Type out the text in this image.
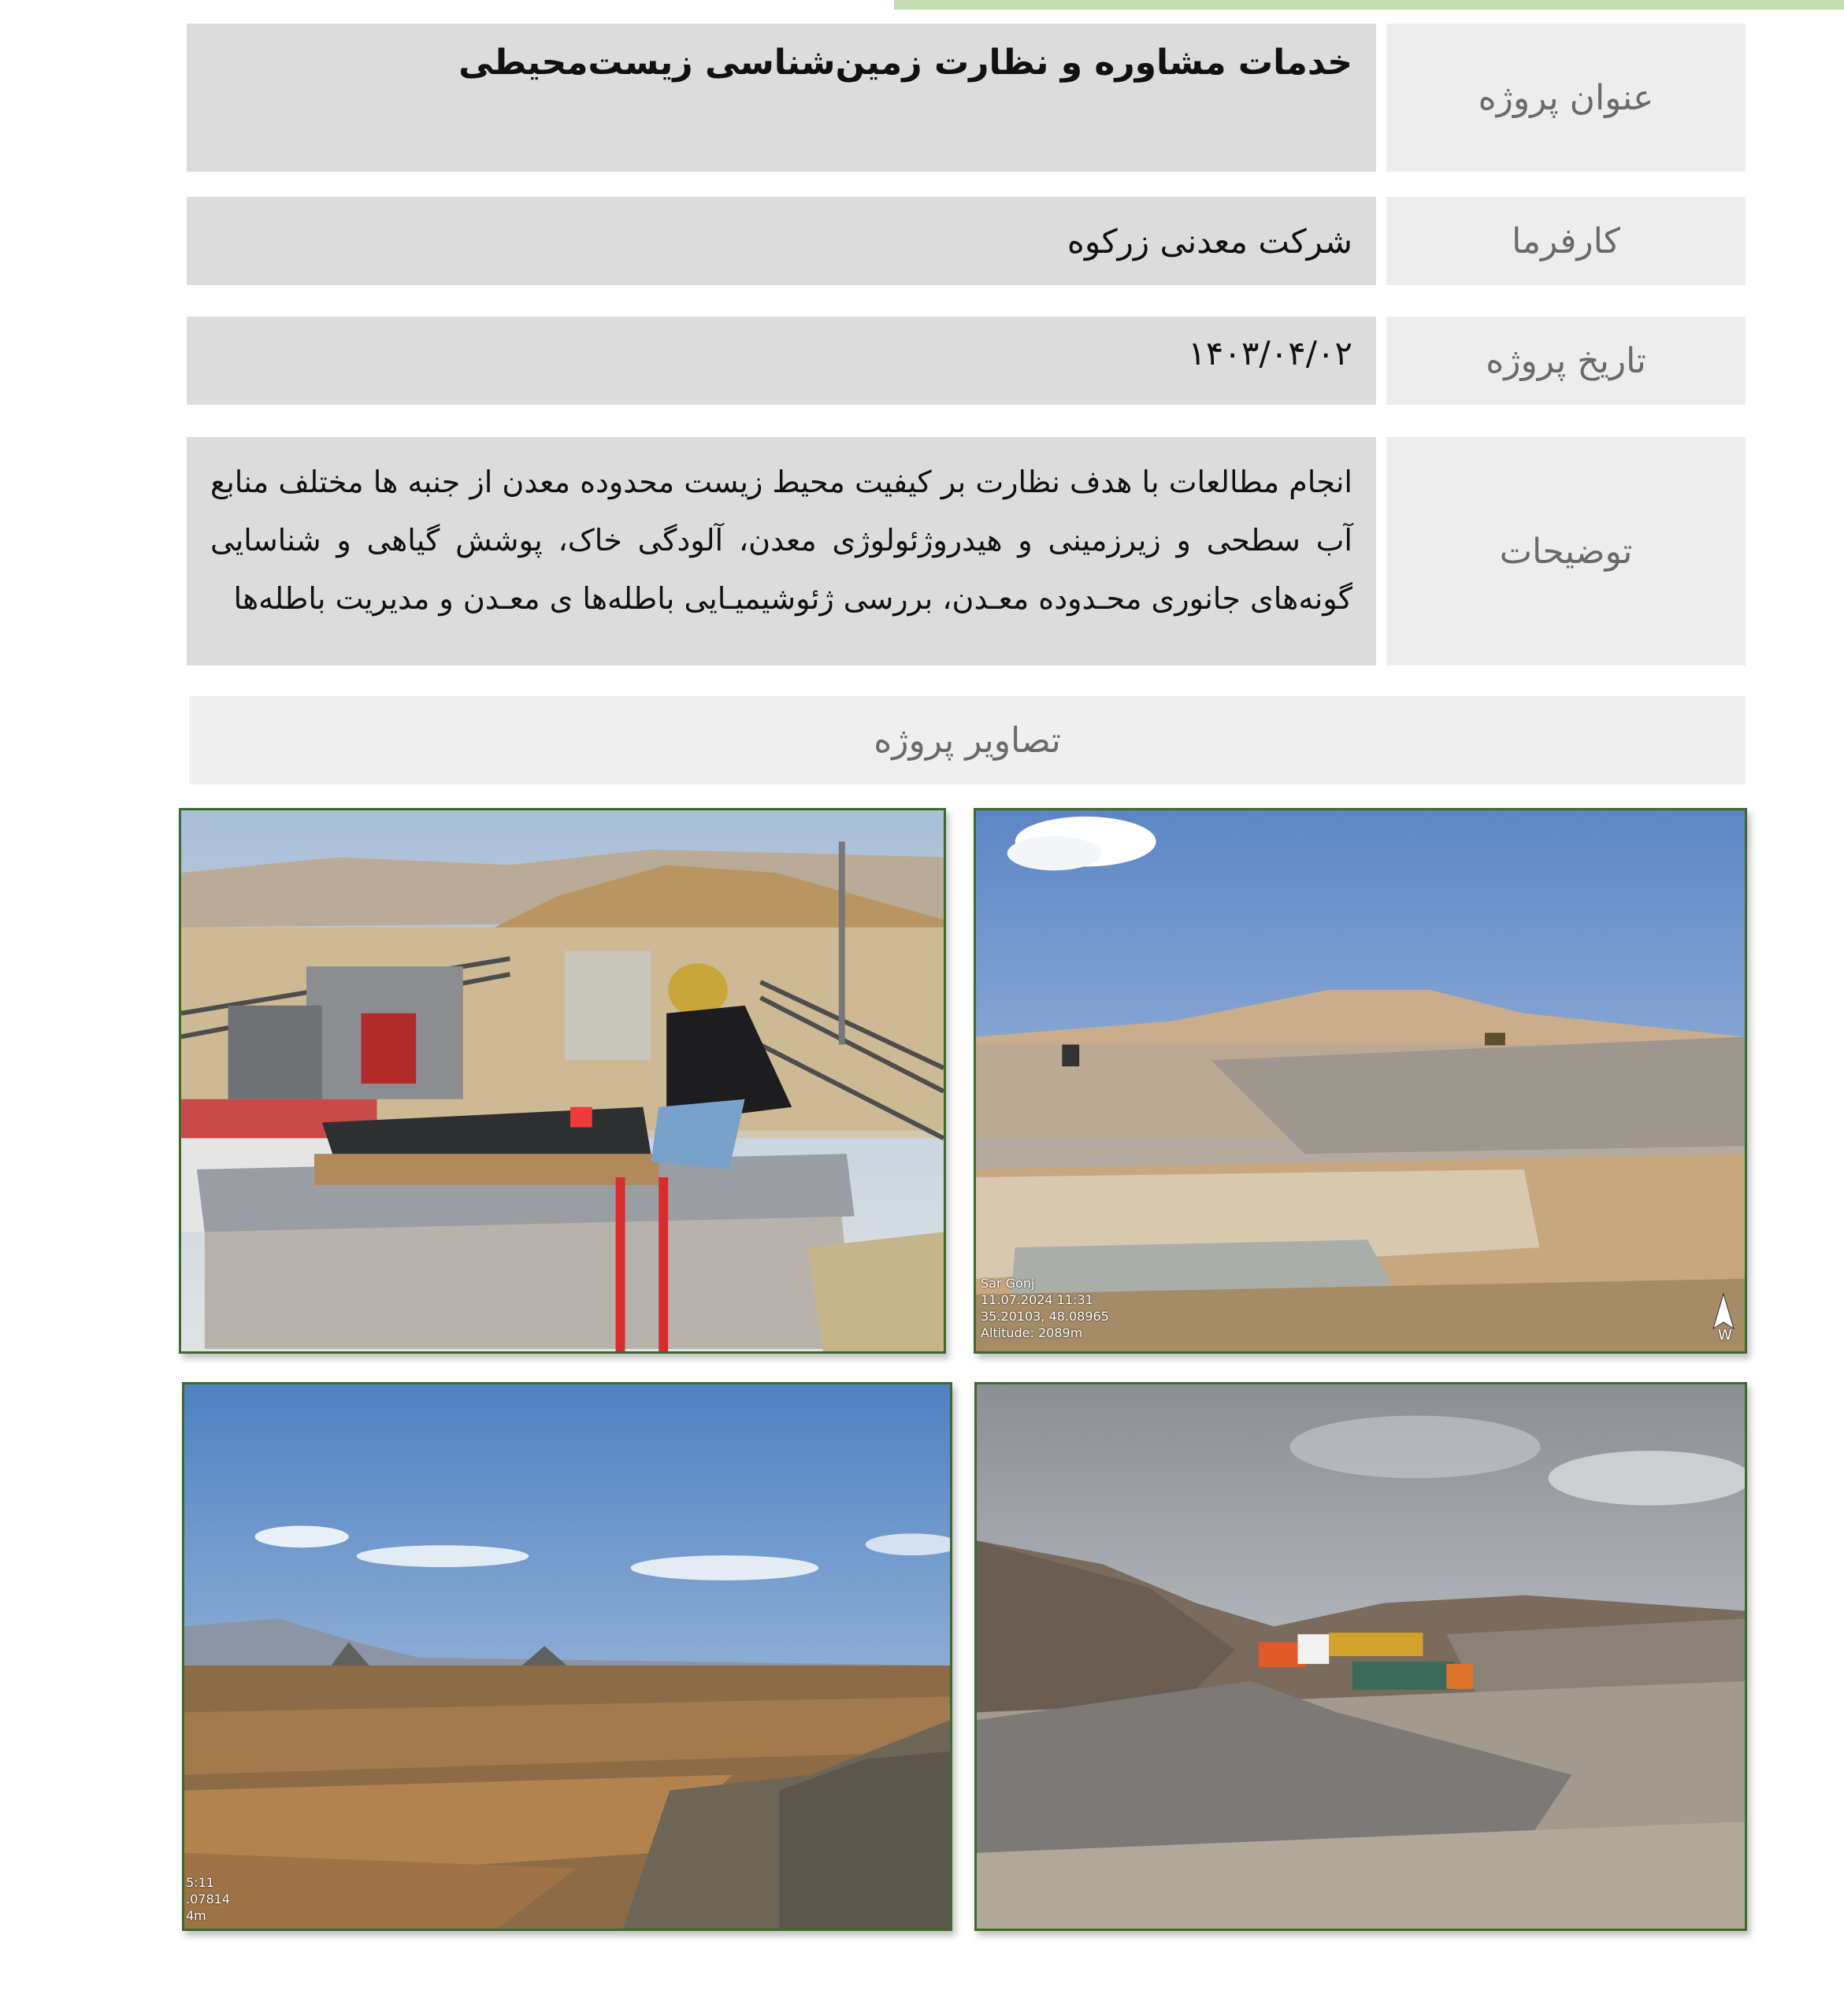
عنوان پروژه
خدمات مشاوره و نظارت زمین‌شناسی زیست‌محیطی
کارفرما
شرکت معدنی زرکوه
تاریخ پروژه
۱۴۰۳/۰۴/۰۲
توضیحات
انجام مطالعات با هدف نظارت بر کیفیت محیط زیست محدوده معدن از جنبه ها مختلف منابع آب سطحی و زیرزمینی و هیدروژئولوژی معدن، آلودگی خاک، پوشش گیاهی و شناسایی گونه‌های جانوری محـدوده معـدن، بررسی ژئوشیمیـایی باطله‌ها ی معـدن و مدیریت باطله‌ها
تصاویر پروژه
Sar Gonj
11.07.2024 11:31
35.20103, 48.08965
Altitude: 2089m	W
5:11
.07814
4m
